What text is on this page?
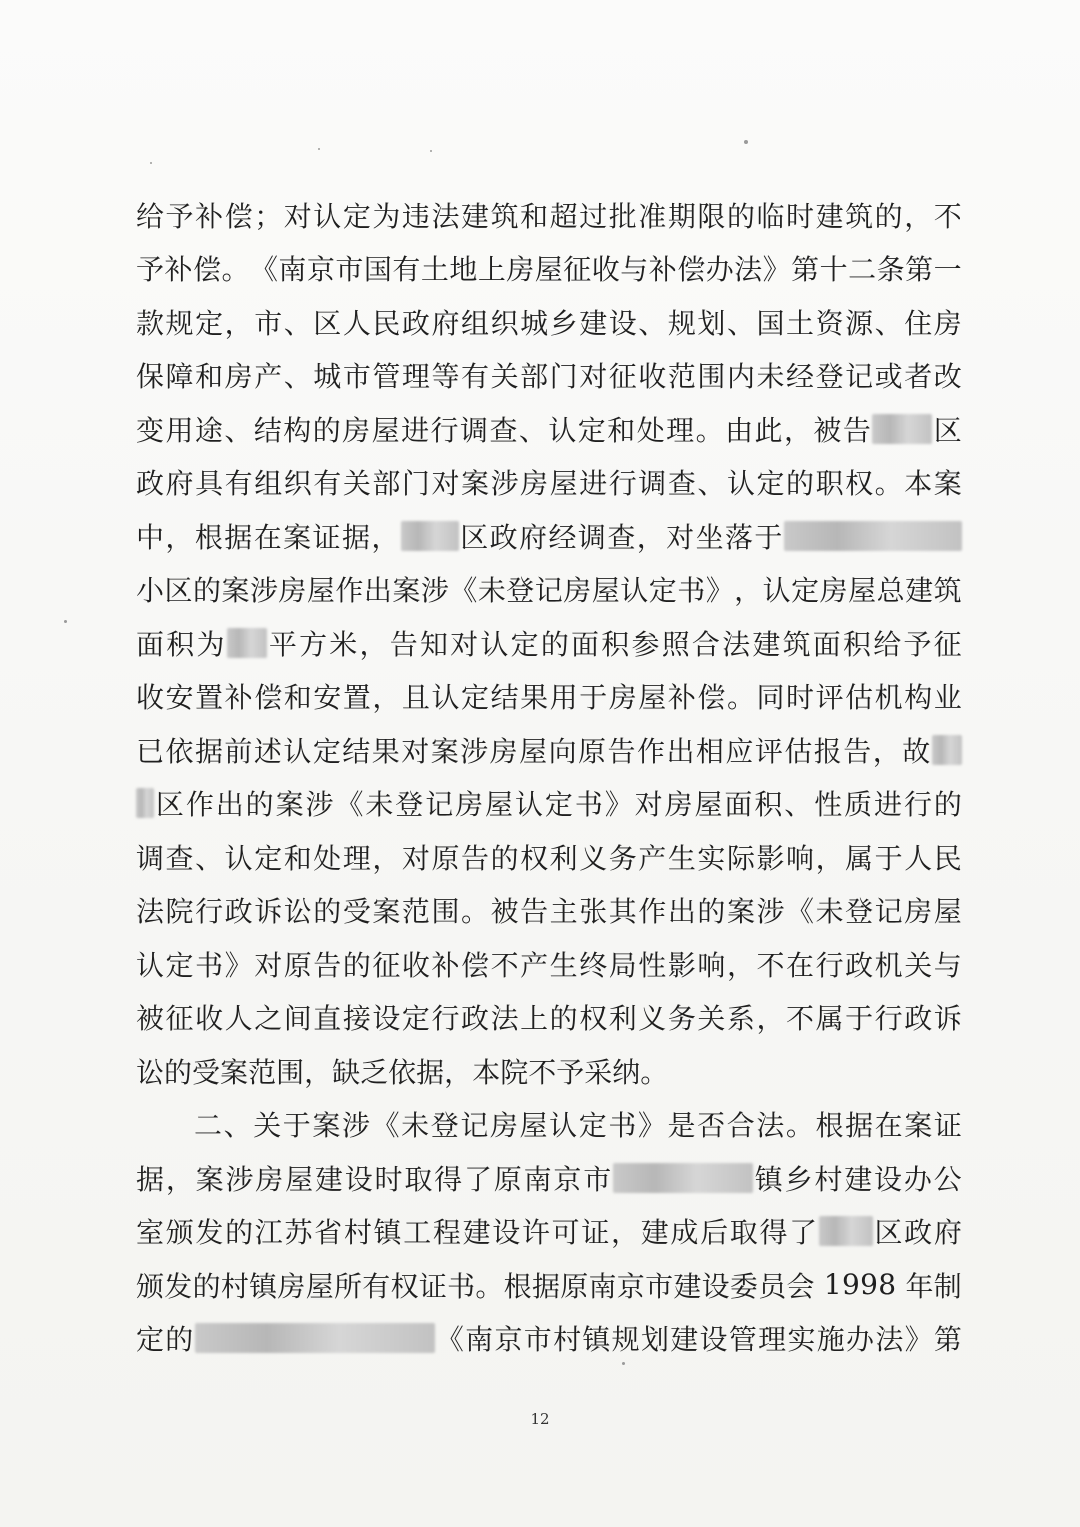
给 予 补 偿 ； 对 认 定 为 违 法 建 筑 和 超 过 批 准 期 限 的 临 时 建 筑 的 ， 不
予 补 偿 。 《 南 京 市 国 有 土 地 上 房 屋 征 收 与 补 偿 办 法 》 第 十 二 条 第 一
款 规 定 ， 市 、 区 人 民 政 府 组 织 城 乡 建 设 、 规 划 、 国 土 资 源 、 住 房
保 障 和 房 产 、 城 市 管 理 等 有 关 部 门 对 征 收 范 围 内 未 经 登 记 或 者 改
变 用 途 、 结 构 的 房 屋 进 行 调 查 、 认 定 和 处 理 。 由 此 ， 被 告 区
政 府 具 有 组 织 有 关 部 门 对 案 涉 房 屋 进 行 调 查 、 认 定 的 职 权 。 本 案
中 ， 根 据 在 案 证 据 ， 区 政 府 经 调 查 ， 对 坐 落 于
小 区 的 案 涉 房 屋 作 出 案 涉 《 未 登 记 房 屋 认 定 书 》 ， 认 定 房 屋 总 建 筑
面 积 为 平 方 米 ， 告 知 对 认 定 的 面 积 参 照 合 法 建 筑 面 积 给 予 征
收 安 置 补 偿 和 安 置 ， 且 认 定 结 果 用 于 房 屋 补 偿 。 同 时 评 估 机 构 业
已 依 据 前 述 认 定 结 果 对 案 涉 房 屋 向 原 告 作 出 相 应 评 估 报 告 ， 故
区 作 出 的 案 涉 《 未 登 记 房 屋 认 定 书 》 对 房 屋 面 积 、 性 质 进 行 的
调 查 、 认 定 和 处 理 ， 对 原 告 的 权 利 义 务 产 生 实 际 影 响 ， 属 于 人 民
法 院 行 政 诉 讼 的 受 案 范 围 。 被 告 主 张 其 作 出 的 案 涉 《 未 登 记 房 屋
认 定 书 》 对 原 告 的 征 收 补 偿 不 产 生 终 局 性 影 响 ， 不 在 行 政 机 关 与
被 征 收 人 之 间 直 接 设 定 行 政 法 上 的 权 利 义 务 关 系 ， 不 属 于 行 政 诉
讼 的 受 案 范 围 ， 缺 乏 依 据 ， 本 院 不 予 采 纳 。
二 、 关 于 案 涉 《 未 登 记 房 屋 认 定 书 》 是 否 合 法 。 根 据 在 案 证
据 ， 案 涉 房 屋 建 设 时 取 得 了 原 南 京 市	镇 乡 村 建 设 办 公
室 颁 发 的 江 苏 省 村 镇 工 程 建 设 许 可 证 ， 建 成 后 取 得 了 区 政 府
颁 发 的 村 镇 房 屋 所 有 权 证 书 。 根 据 原 南 京 市 建 设 委 员 会
1 9 9 8
年 制
定 的	《 南 京 市 村 镇 规 划 建 设 管 理 实 施 办 法 》 第
12
